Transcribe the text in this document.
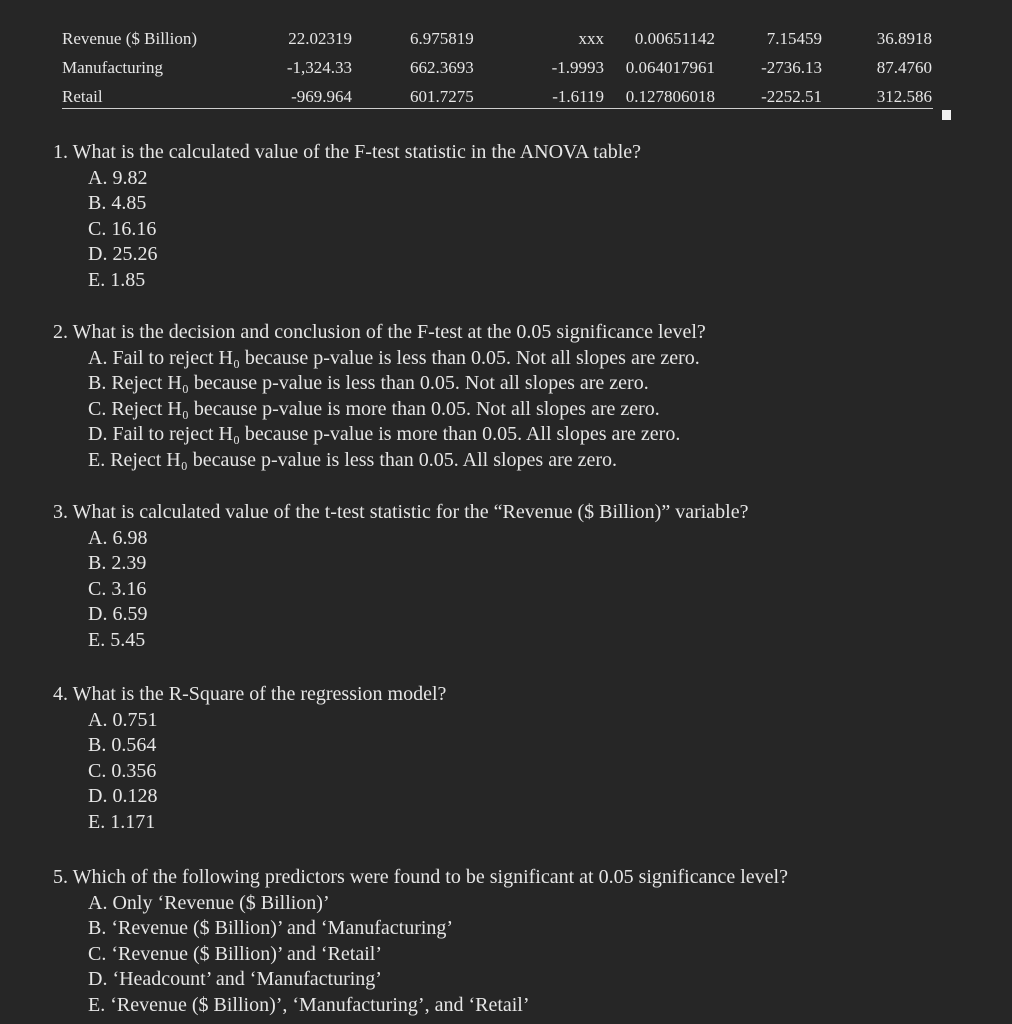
Revenue ($ Billion)	22.02319	6.975819	xxx 0.00651142	7.15459	36.8918
Manufacturing	-1,324.33	662.3693	-1.9993 0.064017961	-2736.13	87.4760
Retail	-969.964	601.7275	-1.6119 0.127806018	-2252.51	312.586
1. What is the calculated value of the F-test statistic in the ANOVA table?
A. 9.82
B. 4.85
C. 16.16
D. 25.26
E. 1.85
2. What is the decision and conclusion of the F-test at the 0.05 significance level?
A. Fail to reject H₀ because p-value is less than 0.05. Not all slopes are zero.
B. Reject H₀ because p-value is less than 0.05. Not all slopes are zero.
C. Reject H₀ because p-value is more than 0.05. Not all slopes are zero.
D. Fail to reject H₀ because p-value is more than 0.05. All slopes are zero.
E. Reject H₀ because p-value is less than 0.05. All slopes are zero.
3. What is calculated value of the t-test statistic for the “Revenue ($ Billion)” variable?
A. 6.98
B. 2.39
C. 3.16
D. 6.59
E. 5.45
4. What is the R-Square of the regression model?
A. 0.751
B. 0.564
C. 0.356
D. 0.128
E. 1.171
5. Which of the following predictors were found to be significant at 0.05 significance level?
A. Only ‘Revenue ($ Billion)’
B. ‘Revenue ($ Billion)’ and ‘Manufacturing’
C. ‘Revenue ($ Billion)’ and ‘Retail’
D. ‘Headcount’ and ‘Manufacturing’
E. ‘Revenue ($ Billion)’, ‘Manufacturing’, and ‘Retail’
